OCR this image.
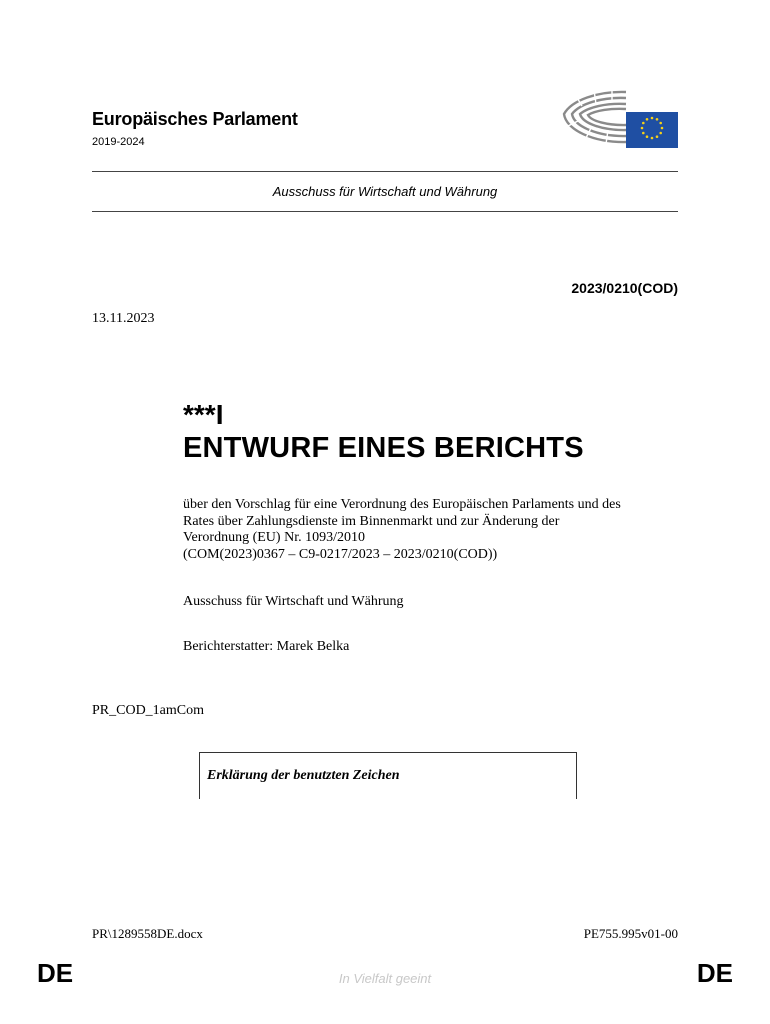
Europäisches Parlament
2019-2024
Ausschuss für Wirtschaft und Währung
2023/0210(COD)
13.11.2023
***I
ENTWURF EINES BERICHTS
über den Vorschlag für eine Verordnung des Europäischen Parlaments und des
Rates über Zahlungsdienste im Binnenmarkt und zur Änderung der
Verordnung (EU) Nr. 1093/2010
(COM(2023)0367 – C9-0217/2023 – 2023/0210(COD))
Ausschuss für Wirtschaft und Währung
Berichterstatter: Marek Belka
PR_COD_1amCom
Erklärung der benutzten Zeichen
PR\1289558DE.docx	PE755.995v01-00
DE	In Vielfalt geeint	DE
